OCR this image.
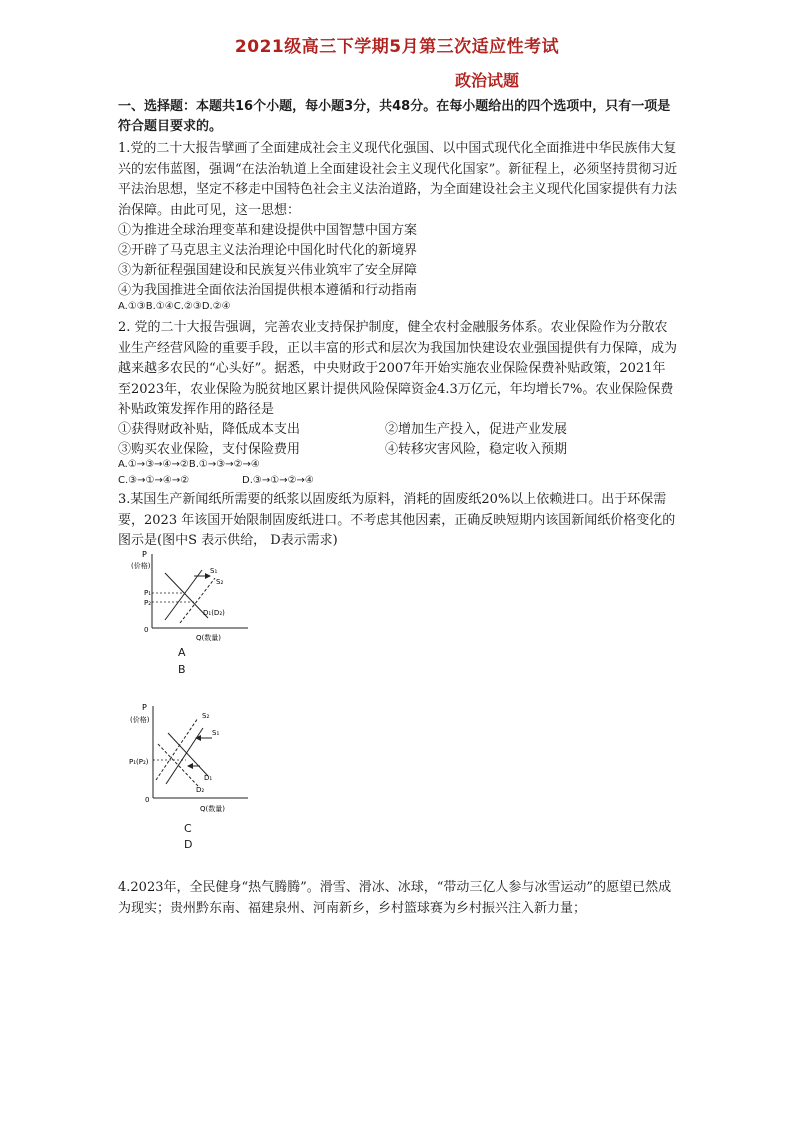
2021级高三下学期5月第三次适应性考试
政治试题
一、选择题：本题共16个小题，每小题3分，共48分。在每小题给出的四个选项中，只有一项是符合题目要求的。
1.党的二十大报告擘画了全面建成社会主义现代化强国、以中国式现代化全面推进中华民族伟大复兴的宏伟蓝图，强调“在法治轨道上全面建设社会主义现代化国家”。新征程上，必须坚持贯彻习近平法治思想，坚定不移走中国特色社会主义法治道路，为全面建设社会主义现代化国家提供有力法治保障。由此可见，这一思想：
①为推进全球治理变革和建设提供中国智慧中国方案
②开辟了马克思主义法治理论中国化时代化的新境界
③为新征程强国建设和民族复兴伟业筑牢了安全屏障
④为我国推进全面依法治国提供根本遵循和行动指南
A.①③B.①④C.②③D.②④
2. 党的二十大报告强调，完善农业支持保护制度，健全农村金融服务体系。农业保险作为分散农业生产经营风险的重要手段，正以丰富的形式和层次为我国加快建设农业强国提供有力保障，成为越来越多农民的“心头好”。据悉，中央财政于2007年开始实施农业保险保费补贴政策，2021年至2023年，农业保险为脱贫地区累计提供风险保障资金4.3万亿元，年均增长7%。农业保险保费补贴政策发挥作用的路径是
①获得财政补贴，降低成本支出	②增加生产投入，促进产业发展
③购买农业保险，支付保险费用	④转移灾害风险，稳定收入预期
A.①→③→④→②B.①→③→②→④
C.③→①→④→②	D.③→①→②→④
3.某国生产新闻纸所需要的纸浆以固废纸为原料，消耗的固废纸20%以上依赖进口。出于环保需要，2023 年该国开始限制固废纸进口。不考虑其他因素，正确反映短期内该国新闻纸价格变化的图示是(图中S 表示供给， D表示需求)
P
(价格)
0
Q(数量)
P₁
P₂
S₁
S₂
D₁(D₂)
A
B
P
(价格)
0
Q(数量)
P₁(P₂)
S₂
S₁
D₁
D₂
C
D
4.2023年，全民健身“热气腾腾”。滑雪、滑冰、冰球，“带动三亿人参与冰雪运动”的愿望已然成为现实；贵州黔东南、福建泉州、河南新乡，乡村篮球赛为乡村振兴注入新力量；
